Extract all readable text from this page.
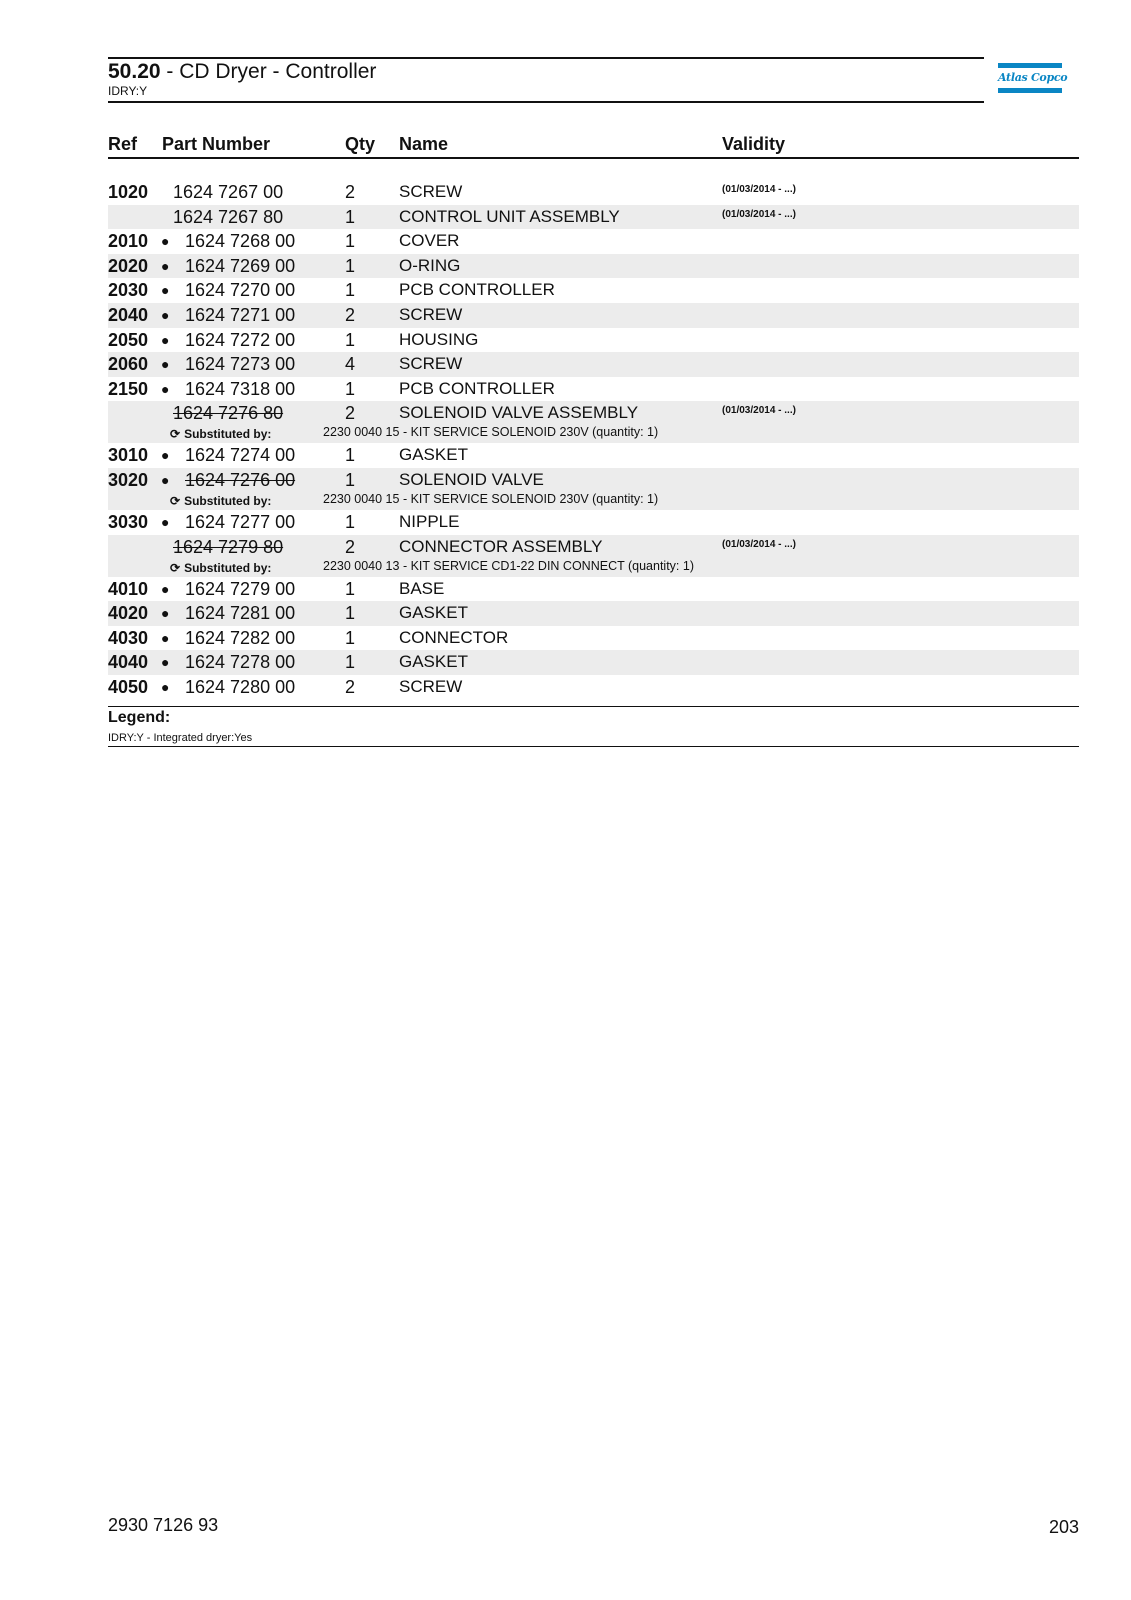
50.20 - CD Dryer - Controller
IDRY:Y
Atlas Copco
Ref Part Number	Qty Name	Validity
1020 1624 7267 00	2	SCREW	(01/03/2014 - ...)
1624 7267 80	1	CONTROL UNIT ASSEMBLY	(01/03/2014 - ...)
2010 ● 1624 7268 00	1	COVER
2020 ● 1624 7269 00	1	O-RING
2030 ● 1624 7270 00	1	PCB CONTROLLER
2040 ● 1624 7271 00	2	SCREW
2050 ● 1624 7272 00	1	HOUSING
2060 ● 1624 7273 00	4	SCREW
2150 ● 1624 7318 00	1	PCB CONTROLLER
1624 7276 80	2	SOLENOID VALVE ASSEMBLY	(01/03/2014 - ...)
⟳ Substituted by:	2230 0040 15 - KIT SERVICE SOLENOID 230V (quantity: 1)
3010 ● 1624 7274 00	1	GASKET
3020 ● 1624 7276 00	1	SOLENOID VALVE
⟳ Substituted by:	2230 0040 15 - KIT SERVICE SOLENOID 230V (quantity: 1)
3030 ● 1624 7277 00	1	NIPPLE
1624 7279 80	2	CONNECTOR ASSEMBLY	(01/03/2014 - ...)
⟳ Substituted by:	2230 0040 13 - KIT SERVICE CD1-22 DIN CONNECT (quantity: 1)
4010 ● 1624 7279 00	1	BASE
4020 ● 1624 7281 00	1	GASKET
4030 ● 1624 7282 00	1	CONNECTOR
4040 ● 1624 7278 00	1	GASKET
4050 ● 1624 7280 00	2	SCREW
Legend:
IDRY:Y - Integrated dryer:Yes
2930 7126 93	203
